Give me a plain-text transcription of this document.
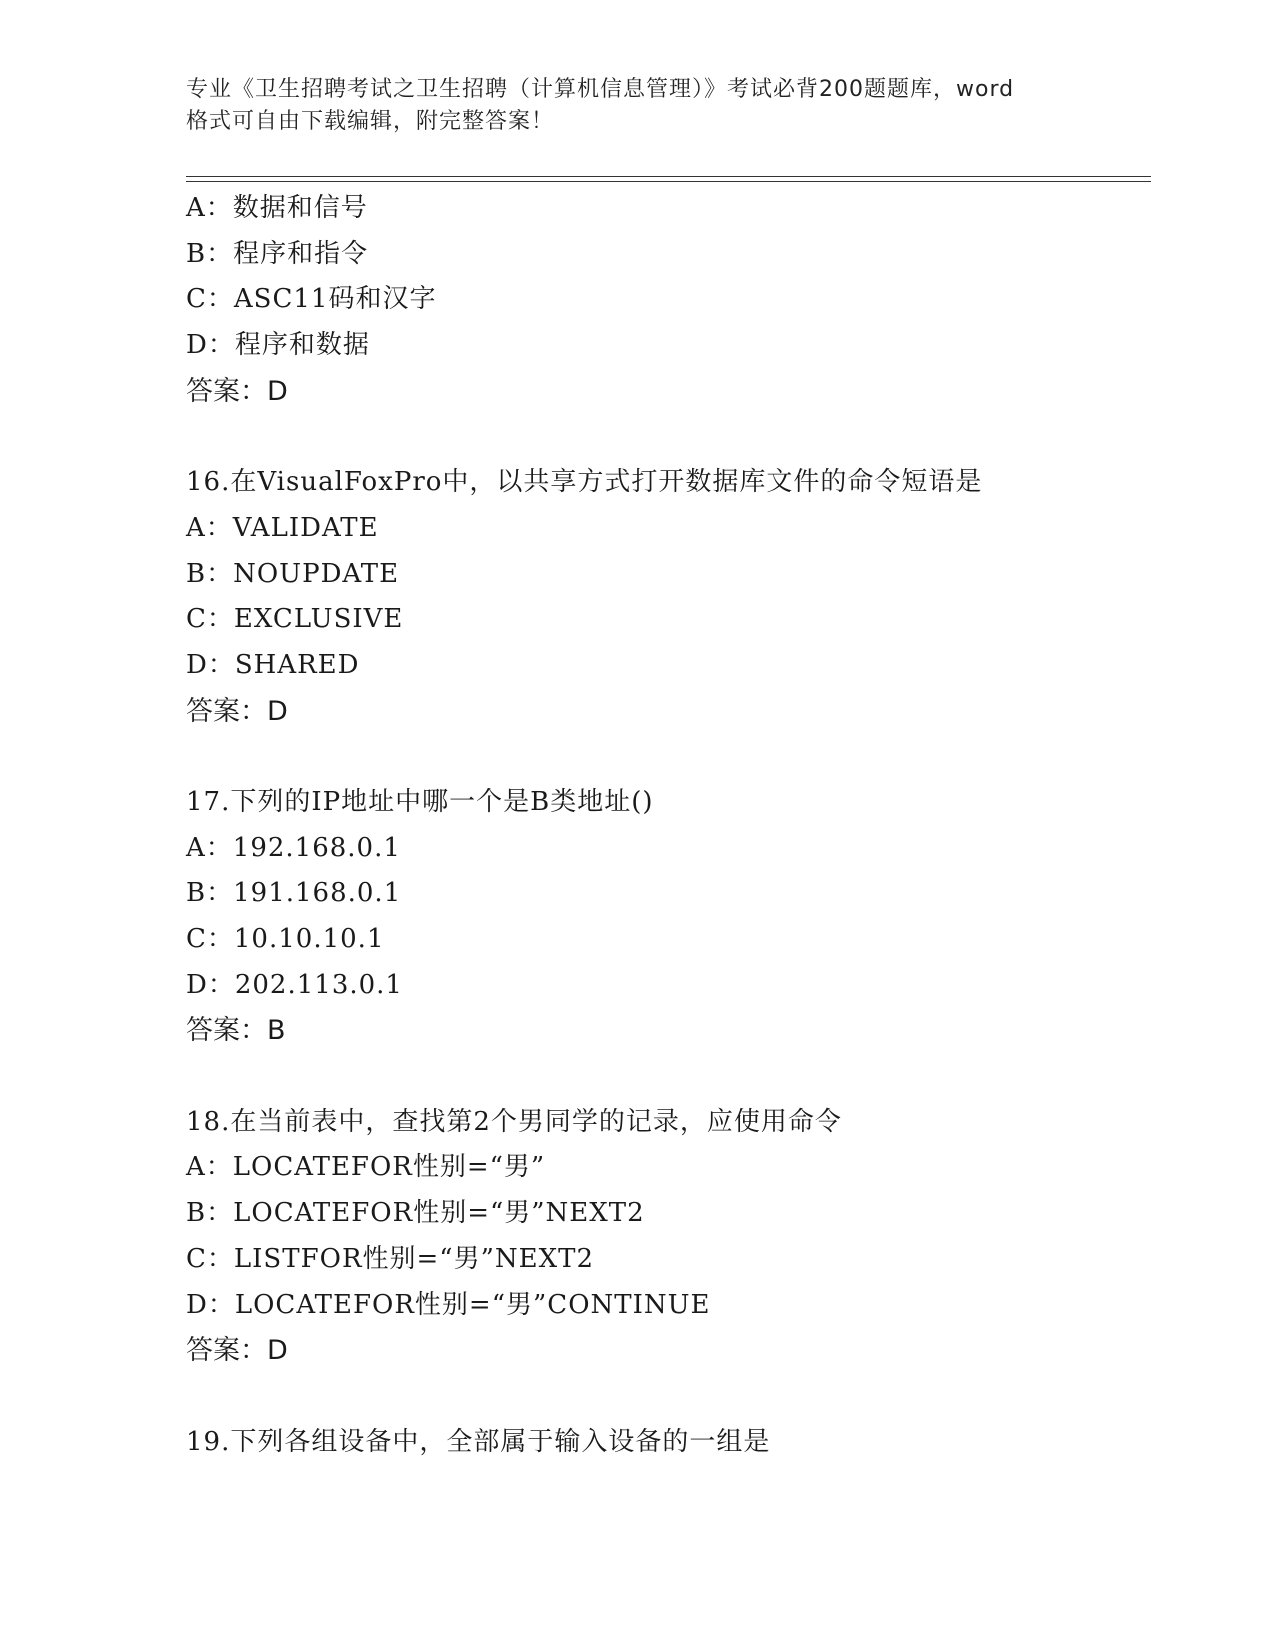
专业《卫生招聘考试之卫生招聘（计算机信息管理）》考试必背200题题库，word
格式可自由下载编辑，附完整答案！
A：数据和信号
B：程序和指令
C：ASC11码和汉字
D：程序和数据
答案：D
16.在VisualFoxPro中，以共享方式打开数据库文件的命令短语是
A：VALIDATE
B：NOUPDATE
C：EXCLUSIVE
D：SHARED
答案：D
17.下列的IP地址中哪一个是B类地址()
A：192.168.0.1
B：191.168.0.1
C：10.10.10.1
D：202.113.0.1
答案：B
18.在当前表中，查找第2个男同学的记录，应使用命令
A：LOCATEFOR性别=“男”
B：LOCATEFOR性别=“男”NEXT2
C：LISTFOR性别=“男”NEXT2
D：LOCATEFOR性别=“男”CONTINUE
答案：D
19.下列各组设备中，全部属于输入设备的一组是
